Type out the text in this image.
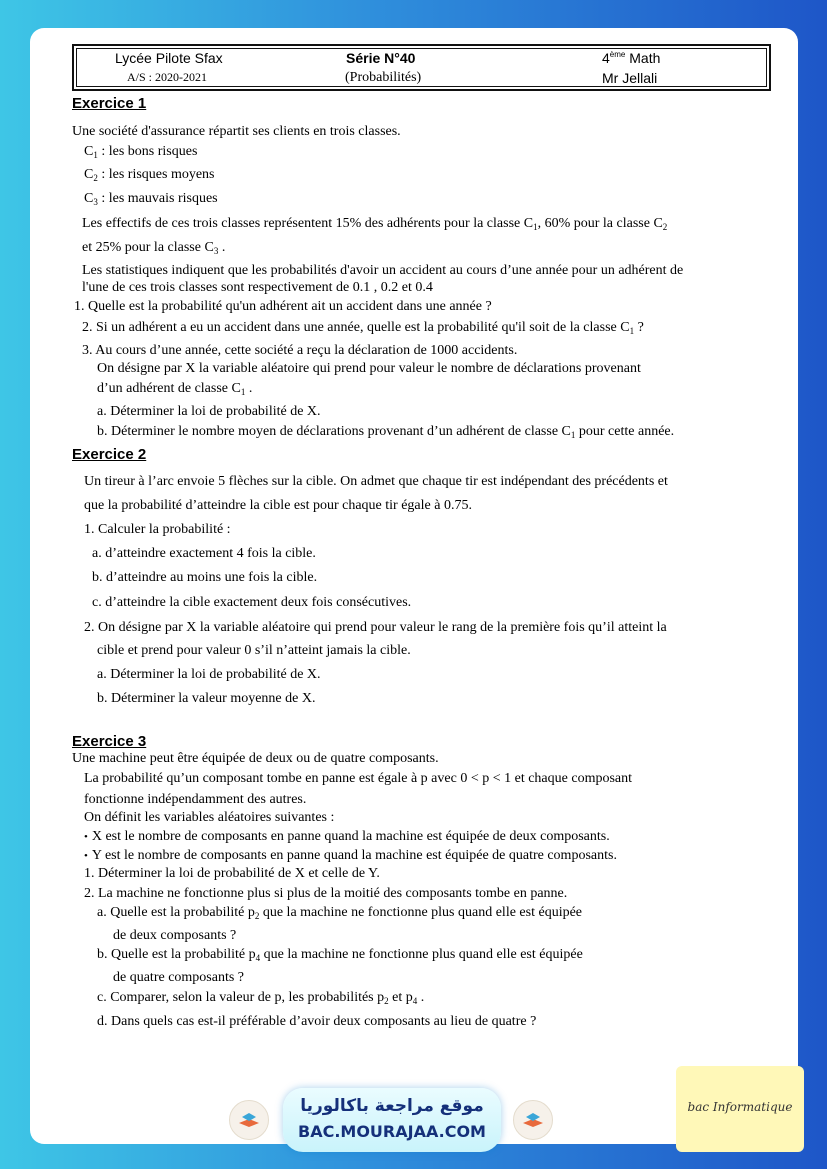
Lycée Pilote Sfax
A/S : 2020-2021
Série N°40
(Probabilités)
4ème Math
Mr Jellali
Exercice 1
Une société d'assurance répartit ses clients en trois classes.
$C_1$ : les bons risques
$C_2$ : les risques moyens
$C_3$ : les mauvais risques
Les effectifs de ces trois classes représentent 15% des adhérents pour la classe $C_1$, 60% pour la classe $C_2$
et 25% pour la classe $C_3$ .
Les statistiques indiquent que les probabilités d'avoir un accident au cours d’une année pour un adhérent de
l'une de ces trois classes sont respectivement de 0.1 , 0.2 et 0.4
1. Quelle est la probabilité qu'un adhérent ait un accident dans une année ?
2. Si un adhérent a eu un accident dans une année, quelle est la probabilité qu'il soit de la classe $C_1$ ?
3. Au cours d’une année, cette société a reçu la déclaration de 1000 accidents.
On désigne par X la variable aléatoire qui prend pour valeur le nombre de déclarations provenant
d’un adhérent de classe $C_1$ .
a. Déterminer la loi de probabilité de X.
b. Déterminer le nombre moyen de déclarations provenant d’un adhérent de classe $C_1$ pour cette année.
Exercice 2
Un tireur à l’arc envoie 5 flèches sur la cible. On admet que chaque tir est indépendant des précédents et
que la probabilité d’atteindre la cible est pour chaque tir égale à 0.75.
1. Calculer la probabilité :
a. d’atteindre exactement 4 fois la cible.
b. d’atteindre au moins une fois la cible.
c. d’atteindre la cible exactement deux fois consécutives.
2. On désigne par X la variable aléatoire qui prend pour valeur le rang de la première fois qu’il atteint la
cible et prend pour valeur 0 s’il n’atteint jamais la cible.
a. Déterminer la loi de probabilité de X.
b. Déterminer la valeur moyenne de X.
Exercice 3
Une machine peut être équipée de deux ou de quatre composants.
La probabilité qu’un composant tombe en panne est égale à p avec 0 < p < 1 et chaque composant
fonctionne indépendamment des autres.
On définit les variables aléatoires suivantes :
• X est le nombre de composants en panne quand la machine est équipée de deux composants.
• Y est le nombre de composants en panne quand la machine est équipée de quatre composants.
1. Déterminer la loi de probabilité de X et celle de Y.
2. La machine ne fonctionne plus si plus de la moitié des composants tombe en panne.
a. Quelle est la probabilité $p_2$ que la machine ne fonctionne plus quand elle est équipée
de deux composants ?
b. Quelle est la probabilité $p_4$ que la machine ne fonctionne plus quand elle est équipée
de quatre composants ?
c. Comparer, selon la valeur de p, les probabilités $p_2$ et $p_4$ .
d. Dans quels cas est-il préférable d’avoir deux composants au lieu de quatre ?
موقع مراجعة باكالوريا
BAC.MOURAJAA.COM
bac Informatique
